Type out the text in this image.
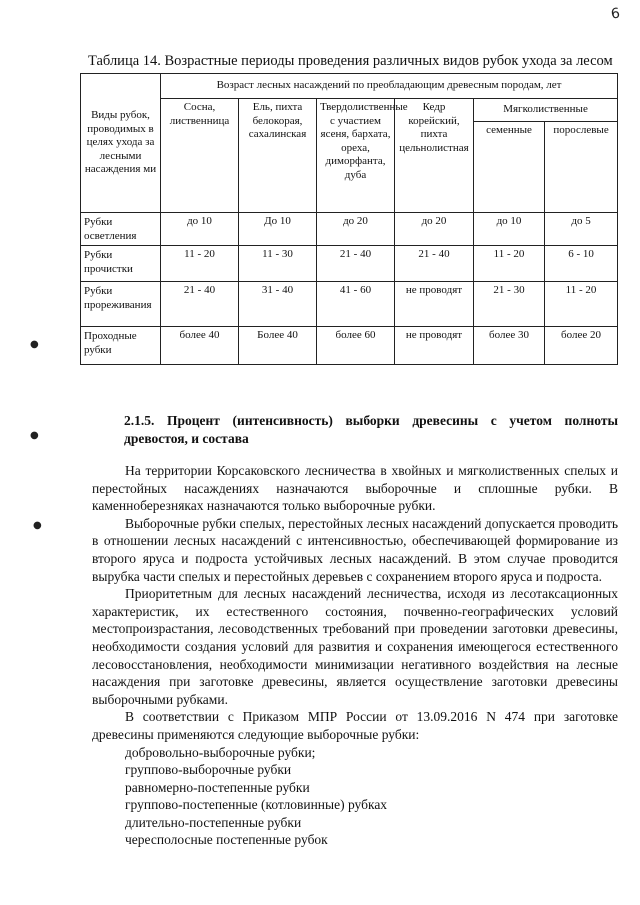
6
Таблица 14. Возрастные периоды проведения различных видов рубок ухода за лесом
Виды рубок, проводимых в целях ухода за лесными насаждения ми	Возраст лесных насаждений по преобладающим древесным породам, лет					
	Сосна, лиственница	Ель, пихта белокорая, сахалинская	Твердолиственные с участием ясеня, бархата, ореха, диморфанта, дуба	Кедр корейский, пихта цельнолистная	Мягколиственные	
					семенные	порослевые
Рубки осветления	до 10	До 10	до 20	до 20	до 10	до 5
Рубки прочистки	11 - 20	11 - 30	21 - 40	21 - 40	11 - 20	6 - 10
Рубки прореживания	21 - 40	31 - 40	41 - 60	не проводят	21 - 30	11 - 20
Проходные рубки	более 40	Более 40	более 60	не проводят	более 30	более 20
●
●
●
2.1.5. Процент (интенсивность) выборки древесины с учетом полноты древостоя, и состава

На территории Корсаковского лесничества в хвойных и мягколиственных спелых и перестойных насаждениях назначаются выборочные и сплошные рубки. В каменноберезняках назначаются только выборочные рубки.

Выборочные рубки спелых, перестойных лесных насаждений допускается проводить в отношении лесных насаждений с интенсивностью, обеспечивающей формирование из второго яруса и подроста устойчивых лесных насаждений. В этом случае проводится вырубка части спелых и перестойных деревьев с сохранением второго яруса и подроста.

Приоритетным для лесных насаждений лесничества, исходя из лесотаксационных характеристик, их естественного состояния, почвенно-географических условий местопроизрастания, лесоводственных требований при проведении заготовки древесины, необходимости создания условий для развития и сохранения имеющегося естественного лесовосстановления, необходимости минимизации негативного воздействия на лесные насаждения при заготовке древесины, является осуществление заготовки древесины выборочными рубками.

В соответствии с Приказом МПР России от 13.09.2016 N 474 при заготовке древесины применяются следующие выборочные рубки:

добровольно-выборочные рубки;
групповo-выборочные рубки
равномерно-постепенные рубки
групповo-постепенные (котловинные) рубках
длительно-постепенные рубки
чересполосные постепенные рубок
